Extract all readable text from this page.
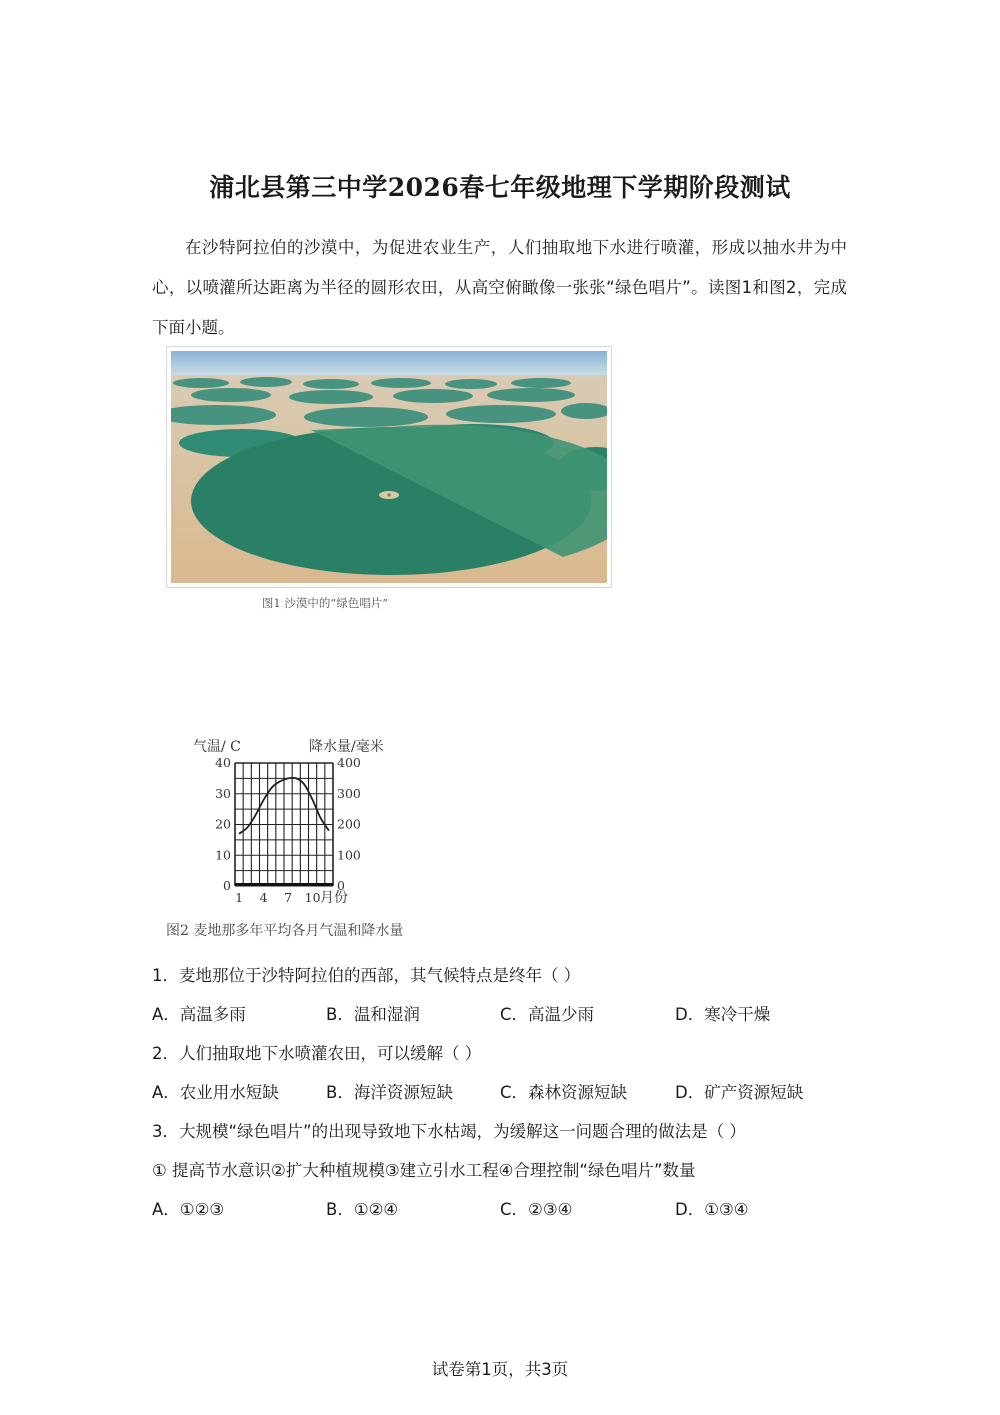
浦北县第三中学2026春七年级地理下学期阶段测试

在沙特阿拉伯的沙漠中，为促进农业生产，人们抽取地下水进行喷灌，形成以抽水井为中心，以喷灌所达距离为半径的圆形农田，从高空俯瞰像一张张“绿色唱片”。读图1和图2，完成下面小题。

图1 沙漠中的“绿色唱片”
气温/ C	降水量/毫米
40
30
20
10
0
400
300
200
100
0
1 4 7 10 月份
图2 麦地那多年平均各月气温和降水量
1．麦地那位于沙特阿拉伯的西部，其气候特点是终年（ ）
A．高温多雨	B．温和湿润	C．高温少雨	D．寒冷干燥
2．人们抽取地下水喷灌农田，可以缓解（ ）
A．农业用水短缺	B．海洋资源短缺	C．森林资源短缺	D．矿产资源短缺
3．大规模“绿色唱片”的出现导致地下水枯竭，为缓解这一问题合理的做法是（ ）
① 提高节水意识②扩大种植规模③建立引水工程④合理控制“绿色唱片”数量
A．①②③	B．①②④	C．②③④	D．①③④
试卷第1页，共3页
